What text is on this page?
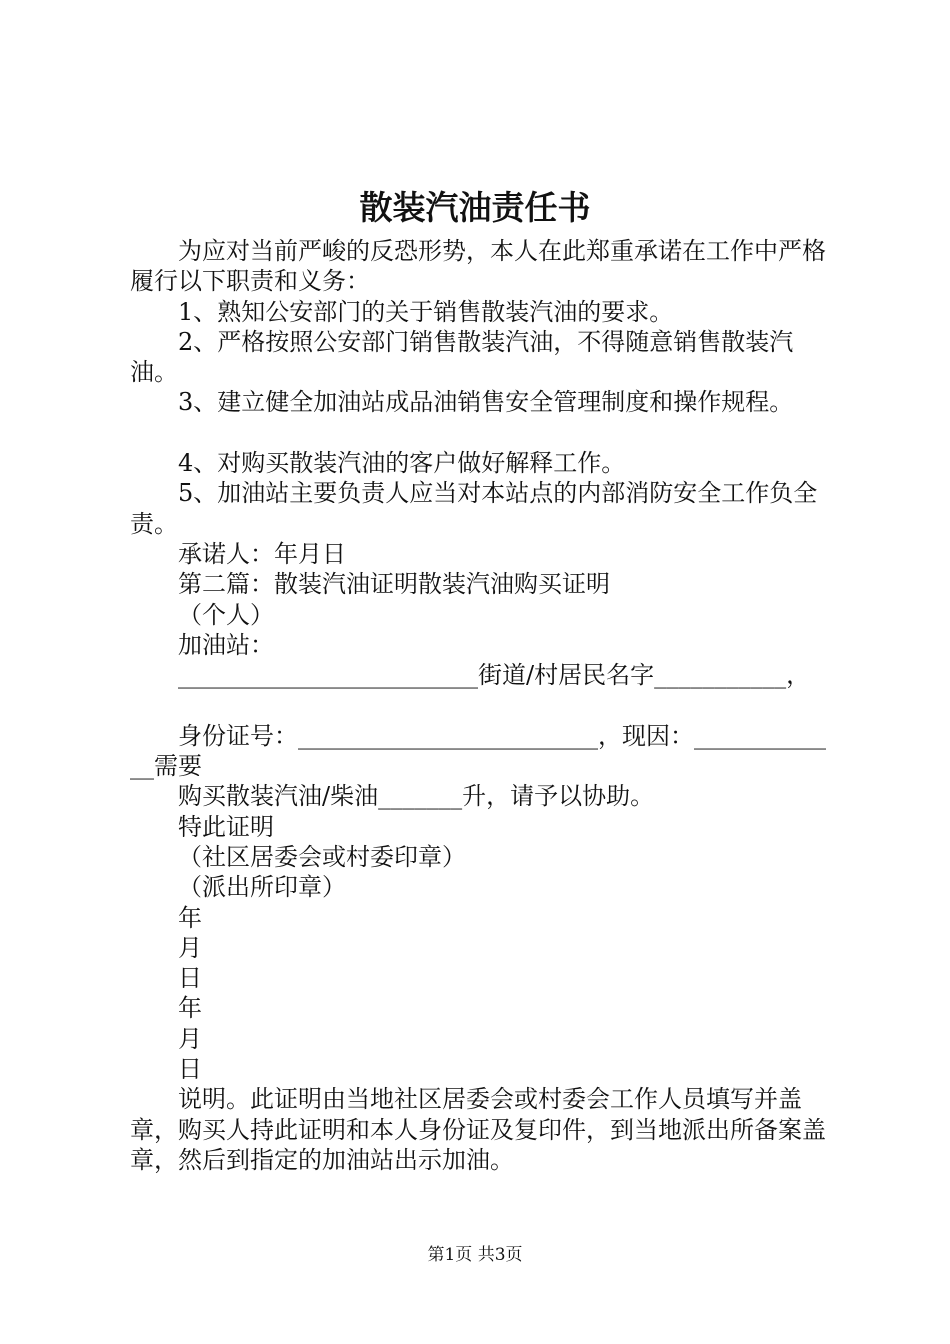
散装汽油责任书

为应对当前严峻的反恐形势，本人在此郑重承诺在工作中严格履行以下职责和义务：

1、熟知公安部门的关于销售散装汽油的要求。

2、严格按照公安部门销售散装汽油，不得随意销售散装汽油。

3、建立健全加油站成品油销售安全管理制度和操作规程。

4、对购买散装汽油的客户做好解释工作。

5、加油站主要负责人应当对本站点的内部消防安全工作负全责。

承诺人：年月日

第二篇：散装汽油证明散装汽油购买证明

（个人）

加油站：

_________________________街道/村居民名字___________，

身份证号：_________________________，现因：_____________需要

购买散装汽油/柴油_______升，请予以协助。

特此证明

（社区居委会或村委印章）

（派出所印章）

年

月

日

年

月

日

说明。此证明由当地社区居委会或村委会工作人员填写并盖章，购买人持此证明和本人身份证及复印件，到当地派出所备案盖章，然后到指定的加油站出示加油。

第1页 共3页
